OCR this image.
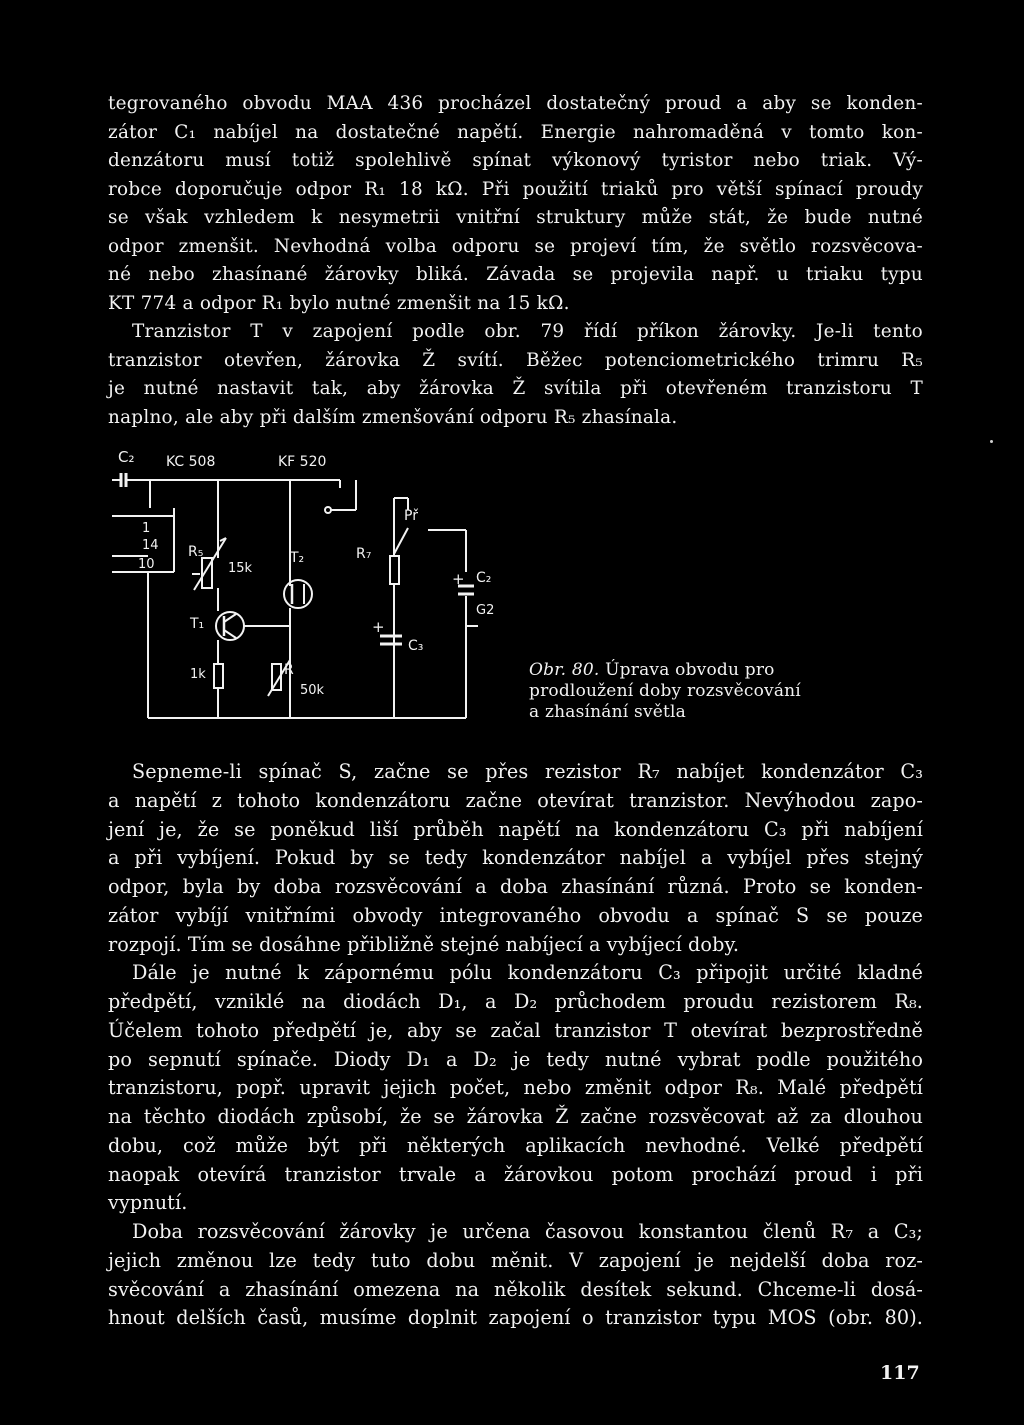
tegrovaného obvodu MAA 436 procházel dostatečný proud a aby se konden-
zátor C₁ nabíjel na dostatečné napětí. Energie nahromaděná v tomto kon-
denzátoru musí totiž spolehlivě spínat výkonový tyristor nebo triak. Vý-
robce doporučuje odpor R₁ 18 kΩ. Při použití triaků pro větší spínací proudy
se však vzhledem k nesymetrii vnitřní struktury může stát, že bude nutné
odpor zmenšit. Nevhodná volba odporu se projeví tím, že světlo rozsvěcova-
né nebo zhasínané žárovky bliká. Závada se projevila např. u triaku typu
KT 774 a odpor R₁ bylo nutné zmenšit na 15 kΩ.
Tranzistor T v zapojení podle obr. 79 řídí příkon žárovky. Je-li tento
tranzistor otevřen, žárovka Ž svítí. Běžec potenciometrického trimru R₅
je nutné nastavit tak, aby žárovka Ž svítila při otevřeném tranzistoru T
naplno, ale aby při dalším zmenšování odporu R₅ zhasínala.
C₂ KC 508	KF 520
1
14
10
R₅
15k
T₁
1k
T₂
R
50k
R₇
Př
+
C₃
+ C₂
G2
Obr. 80. Úprava obvodu pro
prodloužení doby rozsvěcování
a zhasínání světla
Sepneme-li spínač S, začne se přes rezistor R₇ nabíjet kondenzátor C₃
a napětí z tohoto kondenzátoru začne otevírat tranzistor. Nevýhodou zapo-
jení je, že se poněkud liší průběh napětí na kondenzátoru C₃ při nabíjení
a při vybíjení. Pokud by se tedy kondenzátor nabíjel a vybíjel přes stejný
odpor, byla by doba rozsvěcování a doba zhasínání různá. Proto se konden-
zátor vybíjí vnitřními obvody integrovaného obvodu a spínač S se pouze
rozpojí. Tím se dosáhne přibližně stejné nabíjecí a vybíjecí doby.
Dále je nutné k zápornému pólu kondenzátoru C₃ připojit určité kladné
předpětí, vzniklé na diodách D₁, a D₂ průchodem proudu rezistorem R₈.
Účelem tohoto předpětí je, aby se začal tranzistor T otevírat bezprostředně
po sepnutí spínače. Diody D₁ a D₂ je tedy nutné vybrat podle použitého
tranzistoru, popř. upravit jejich počet, nebo změnit odpor R₈. Malé předpětí
na těchto diodách způsobí, že se žárovka Ž začne rozsvěcovat až za dlouhou
dobu, což může být při některých aplikacích nevhodné. Velké předpětí
naopak otevírá tranzistor trvale a žárovkou potom prochází proud i při
vypnutí.
Doba rozsvěcování žárovky je určena časovou konstantou členů R₇ a C₃;
jejich změnou lze tedy tuto dobu měnit. V zapojení je nejdelší doba roz-
svěcování a zhasínání omezena na několik desítek sekund. Chceme-li dosá-
hnout delších časů, musíme doplnit zapojení o tranzistor typu MOS (obr. 80).
117
